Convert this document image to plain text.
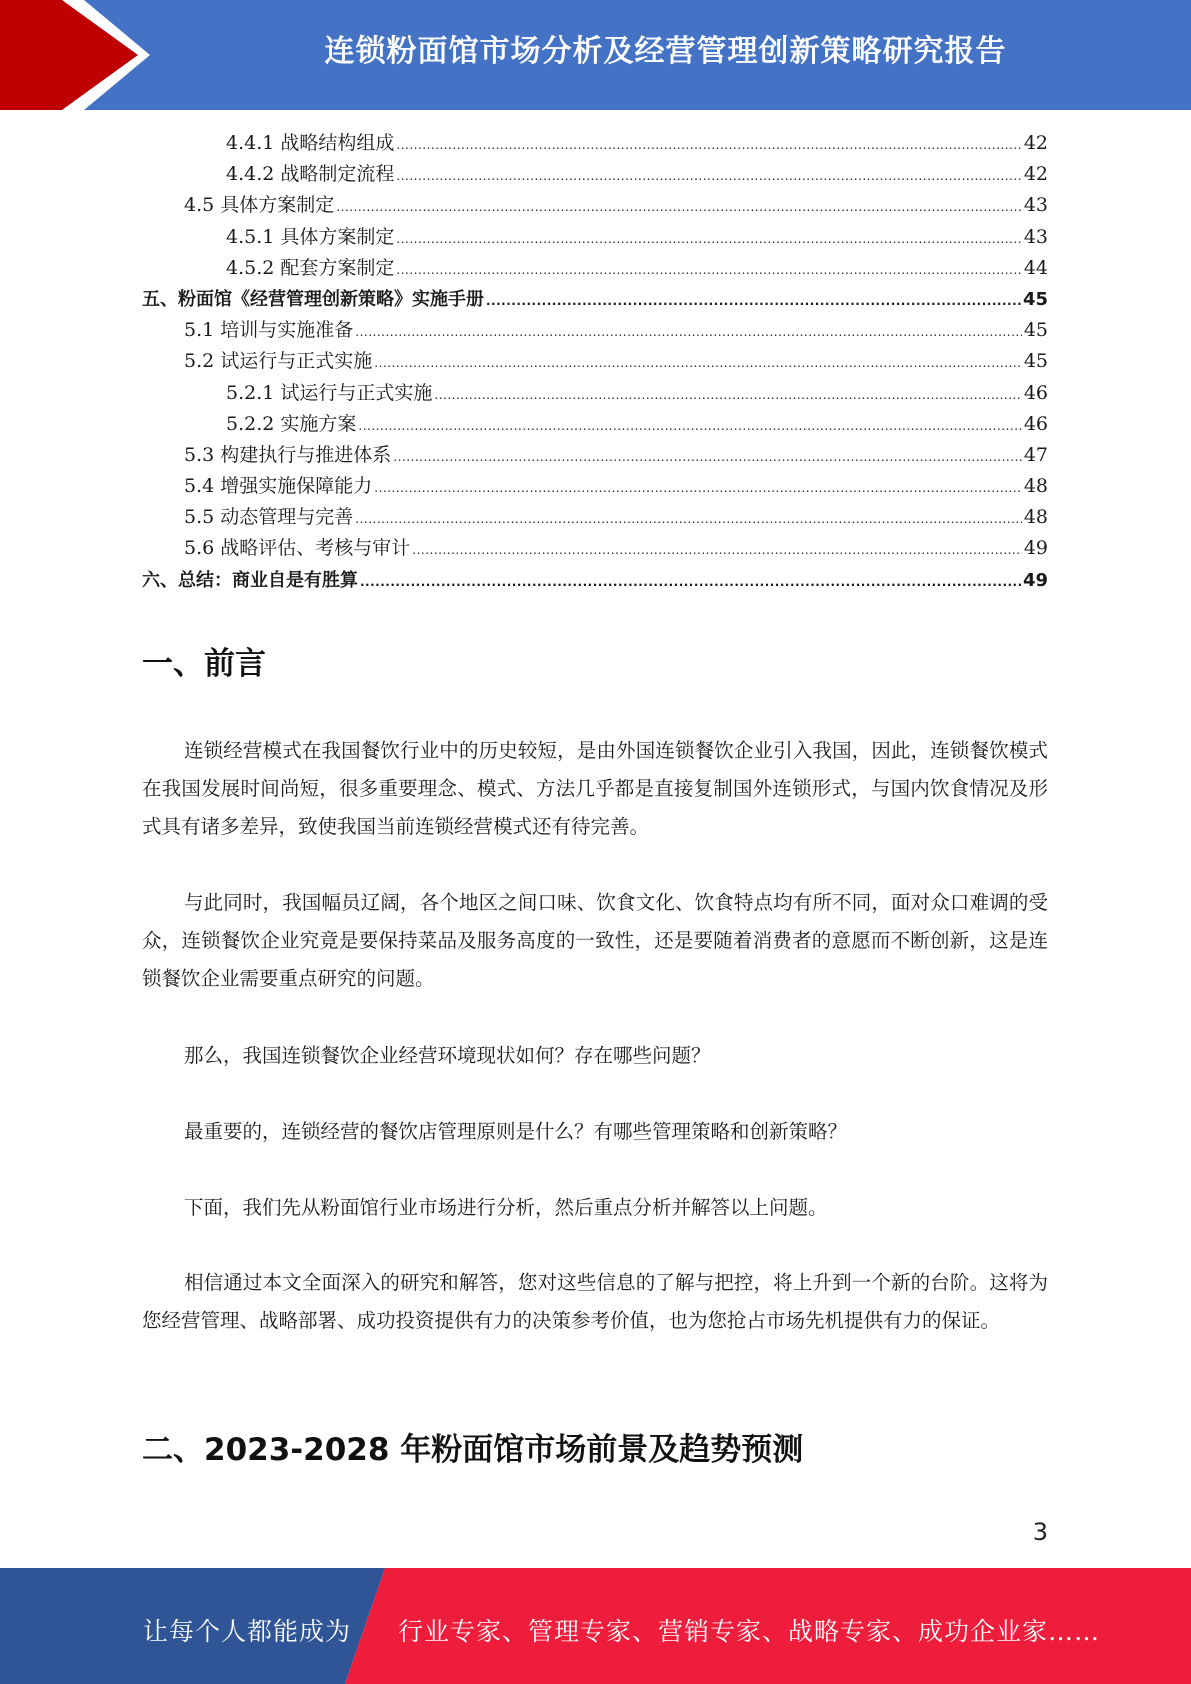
连锁粉面馆市场分析及经营管理创新策略研究报告
4.4.1 战略结构组成 .....	42
4.4.2 战略制定流程 .....	42
4.5 具体方案制定 .....	43
4.5.1 具体方案制定 .....	43
4.5.2 配套方案制定 .....	44
五、粉面馆《经营管理创新策略》实施手册 .....	45
5.1 培训与实施准备 .....	45
5.2 试运行与正式实施 .....	45
5.2.1 试运行与正式实施 .....	46
5.2.2 实施方案 .....	46
5.3 构建执行与推进体系 .....	47
5.4 增强实施保障能力 .....	48
5.5 动态管理与完善 .....	48
5.6 战略评估、考核与审计 .....	49
六、总结：商业自是有胜算 .....	49
一、前言

连锁经营模式在我国餐饮行业中的历史较短，是由外国连锁餐饮企业引入我国，因此，连锁餐饮模式在我国发展时间尚短，很多重要理念、模式、方法几乎都是直接复制国外连锁形式，与国内饮食情况及形式具有诸多差异，致使我国当前连锁经营模式还有待完善。

与此同时，我国幅员辽阔，各个地区之间口味、饮食文化、饮食特点均有所不同，面对众口难调的受众，连锁餐饮企业究竟是要保持菜品及服务高度的一致性，还是要随着消费者的意愿而不断创新，这是连锁餐饮企业需要重点研究的问题。

那么，我国连锁餐饮企业经营环境现状如何？存在哪些问题？

最重要的，连锁经营的餐饮店管理原则是什么？有哪些管理策略和创新策略？

下面，我们先从粉面馆行业市场进行分析，然后重点分析并解答以上问题。

相信通过本文全面深入的研究和解答，您对这些信息的了解与把控，将上升到一个新的台阶。这将为您经营管理、战略部署、成功投资提供有力的决策参考价值，也为您抢占市场先机提供有力的保证。

二、2023-2028 年粉面馆市场前景及趋势预测
3
让每个人都能成为 行业专家、管理专家、营销专家、战略专家、成功企业家……
